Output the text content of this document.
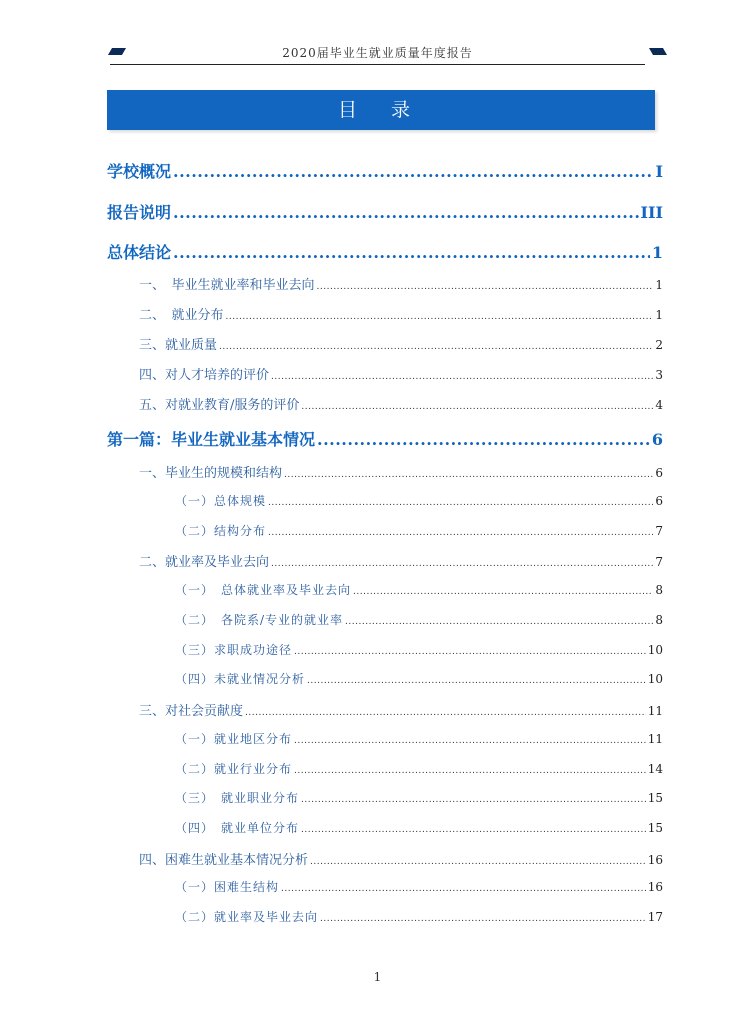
2020届毕业生就业质量年度报告
目 录
学校概况 .....	I
报告说明 .....	III
总体结论 .....	1
一、　毕业生就业率和毕业去向 .....	1
二、　就业分布 .....	1
三、就业质量 .....	2
四、对人才培养的评价 .....	3
五、对就业教育/服务的评价 .....	4
第一篇：毕业生就业基本情况 .....	6
一、毕业生的规模和结构 .....	6
（一）总体规模 .....	6
（二）结构分布 .....	7
二、就业率及毕业去向 .....	7
（一）　总体就业率及毕业去向 .....	8
（二）　各院系/专业的就业率 .....	8
（三）求职成功途径 .....	10
（四）未就业情况分析 .....	10
三、对社会贡献度 .....	11
（一）就业地区分布 .....	11
（二）就业行业分布 .....	14
（三）　就业职业分布 .....	15
（四）　就业单位分布 .....	15
四、困难生就业基本情况分析 .....	16
（一）困难生结构 .....	16
（二）就业率及毕业去向 .....	17
1
